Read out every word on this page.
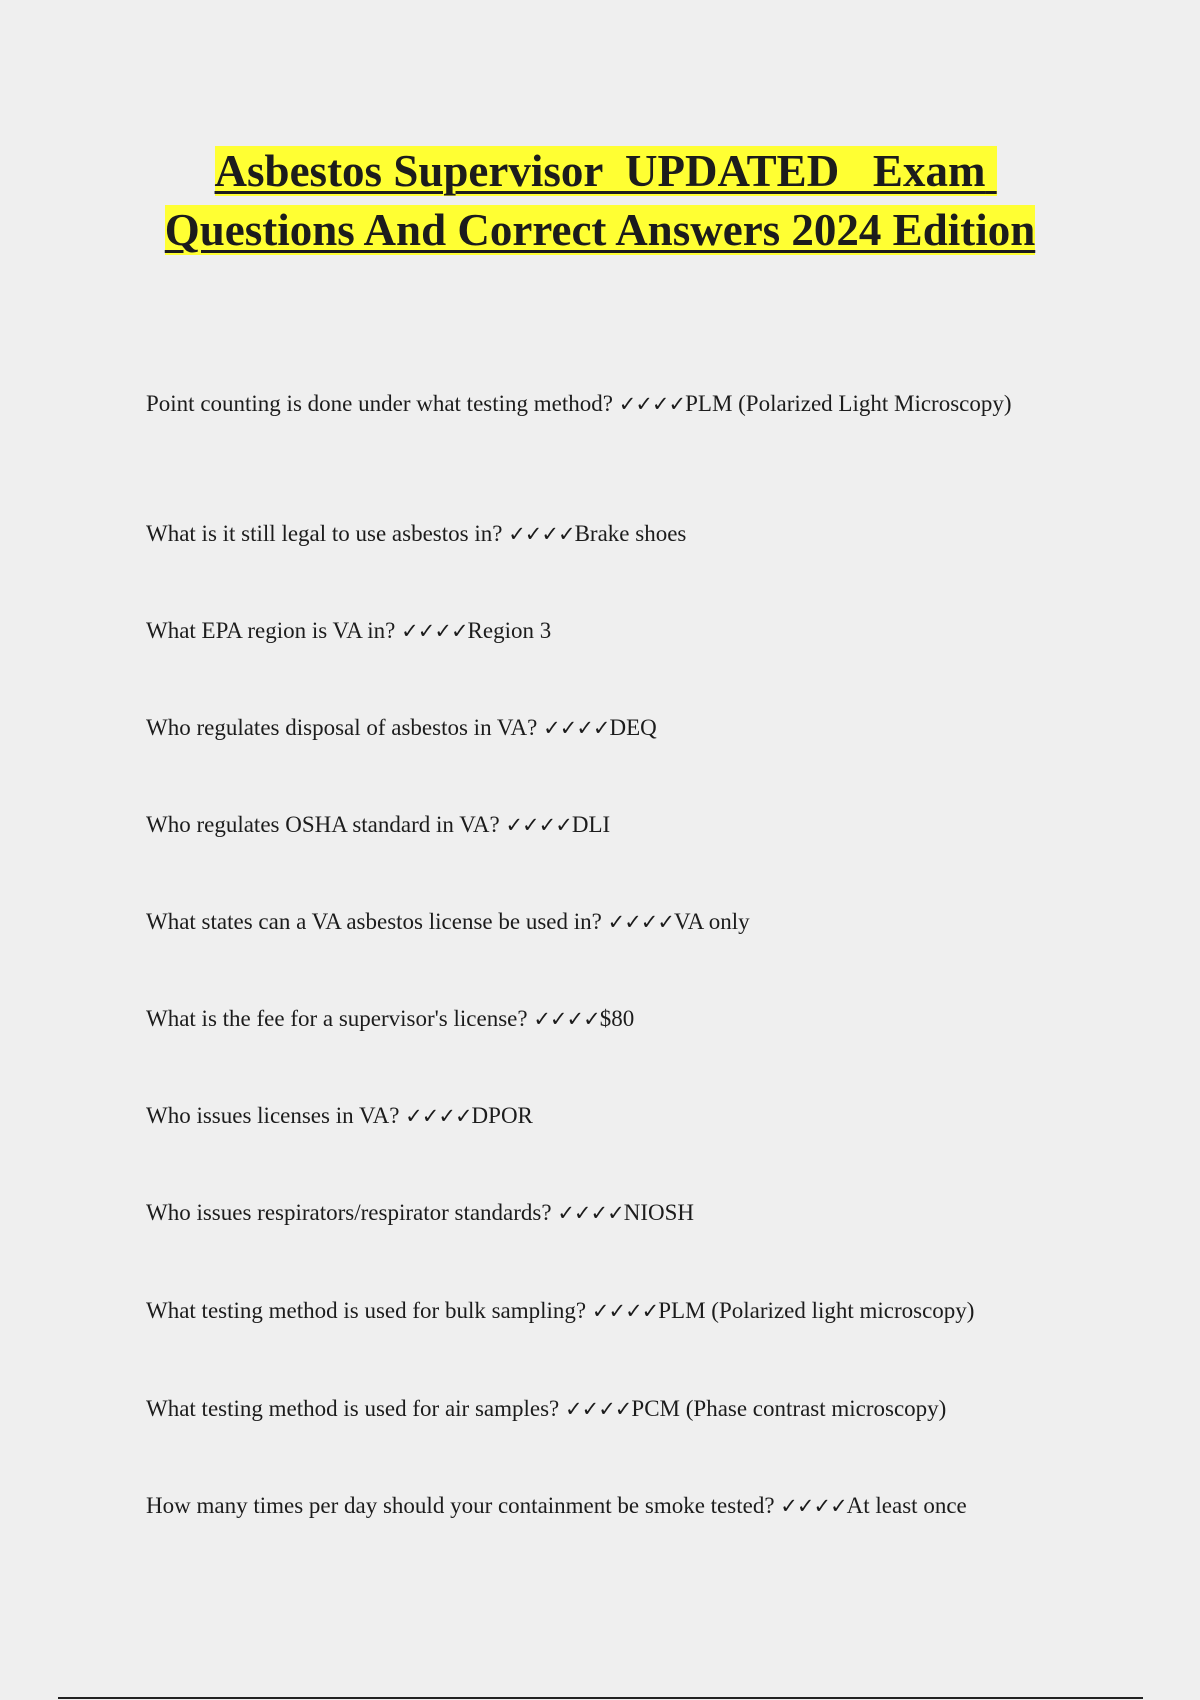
Asbestos Supervisor  UPDATED   Exam Questions And Correct Answers 2024 Edition

Point counting is done under what testing method? ✓✓✓✓PLM (Polarized Light Microscopy)

What is it still legal to use asbestos in? ✓✓✓✓Brake shoes

What EPA region is VA in? ✓✓✓✓Region 3

Who regulates disposal of asbestos in VA? ✓✓✓✓DEQ

Who regulates OSHA standard in VA? ✓✓✓✓DLI

What states can a VA asbestos license be used in? ✓✓✓✓VA only

What is the fee for a supervisor's license? ✓✓✓✓$80

Who issues licenses in VA? ✓✓✓✓DPOR

Who issues respirators/respirator standards? ✓✓✓✓NIOSH

What testing method is used for bulk sampling? ✓✓✓✓PLM (Polarized light microscopy)

What testing method is used for air samples? ✓✓✓✓PCM (Phase contrast microscopy)

How many times per day should your containment be smoke tested? ✓✓✓✓At least once
